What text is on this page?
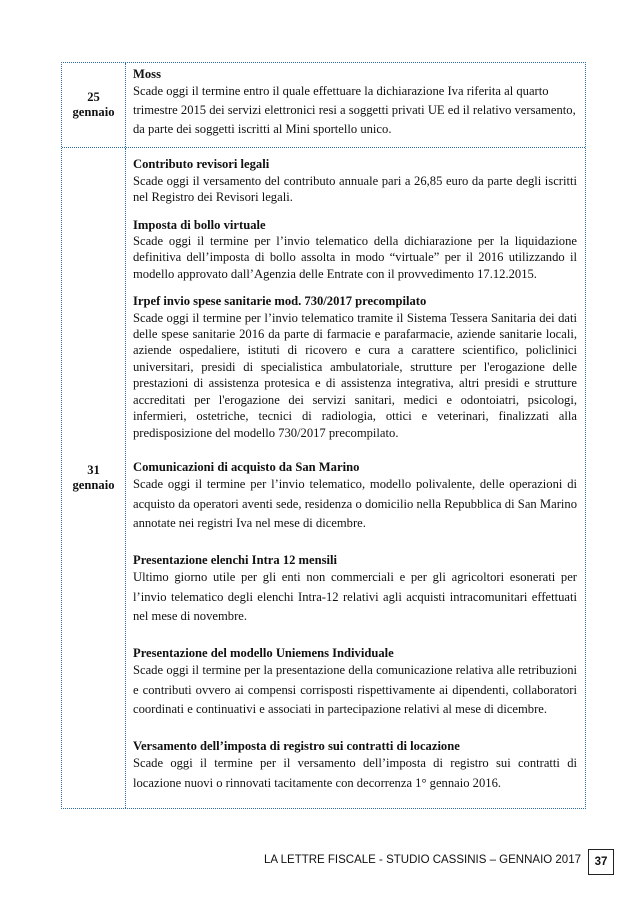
25
gennaio
Moss
Scade oggi il termine entro il quale effettuare la dichiarazione Iva riferita al quarto trimestre 2015 dei servizi elettronici resi a soggetti privati UE ed il relativo versamento, da parte dei soggetti iscritti al Mini sportello unico.
31
gennaio
Contributo revisori legali
Scade oggi il versamento del contributo annuale pari a 26,85 euro da parte degli iscritti nel Registro dei Revisori legali.
Imposta di bollo virtuale
Scade oggi il termine per l’invio telematico della dichiarazione per la liquidazione definitiva dell’imposta di bollo assolta in modo “virtuale” per il 2016 utilizzando il modello approvato dall’Agenzia delle Entrate con il provvedimento 17.12.2015.
Irpef invio spese sanitarie mod. 730/2017 precompilato
Scade oggi il termine per l’invio telematico tramite il Sistema Tessera Sanitaria dei dati delle spese sanitarie 2016 da parte di farmacie e parafarmacie, aziende sanitarie locali, aziende ospedaliere, istituti di ricovero e cura a carattere scientifico, policlinici universitari, presidi di specialistica ambulatoriale, strutture per l'erogazione delle prestazioni di assistenza protesica e di assistenza integrativa, altri presidi e strutture accreditati per l'erogazione dei servizi sanitari, medici e odontoiatri, psicologi, infermieri, ostetriche, tecnici di radiologia, ottici e veterinari, finalizzati alla predisposizione del modello 730/2017 precompilato.
Comunicazioni di acquisto da San Marino
Scade oggi il termine per l’invio telematico, modello polivalente, delle operazioni di acquisto da operatori aventi sede, residenza o domicilio nella Repubblica di San Marino annotate nei registri Iva nel mese di dicembre.
Presentazione elenchi Intra 12 mensili
Ultimo giorno utile per gli enti non commerciali e per gli agricoltori esonerati per l’invio telematico degli elenchi Intra-12 relativi agli acquisti intracomunitari effettuati nel mese di novembre.
Presentazione del modello Uniemens Individuale
Scade oggi il termine per la presentazione della comunicazione relativa alle retribuzioni e contributi ovvero ai compensi corrisposti rispettivamente ai dipendenti, collaboratori coordinati e continuativi e associati in partecipazione relativi al mese di dicembre.
Versamento dell’imposta di registro sui contratti di locazione
Scade oggi il termine per il versamento dell’imposta di registro sui contratti di locazione nuovi o rinnovati tacitamente con decorrenza 1° gennaio 2016.
LA LETTRE FISCALE - STUDIO CASSINIS – GENNAIO 2017	37
